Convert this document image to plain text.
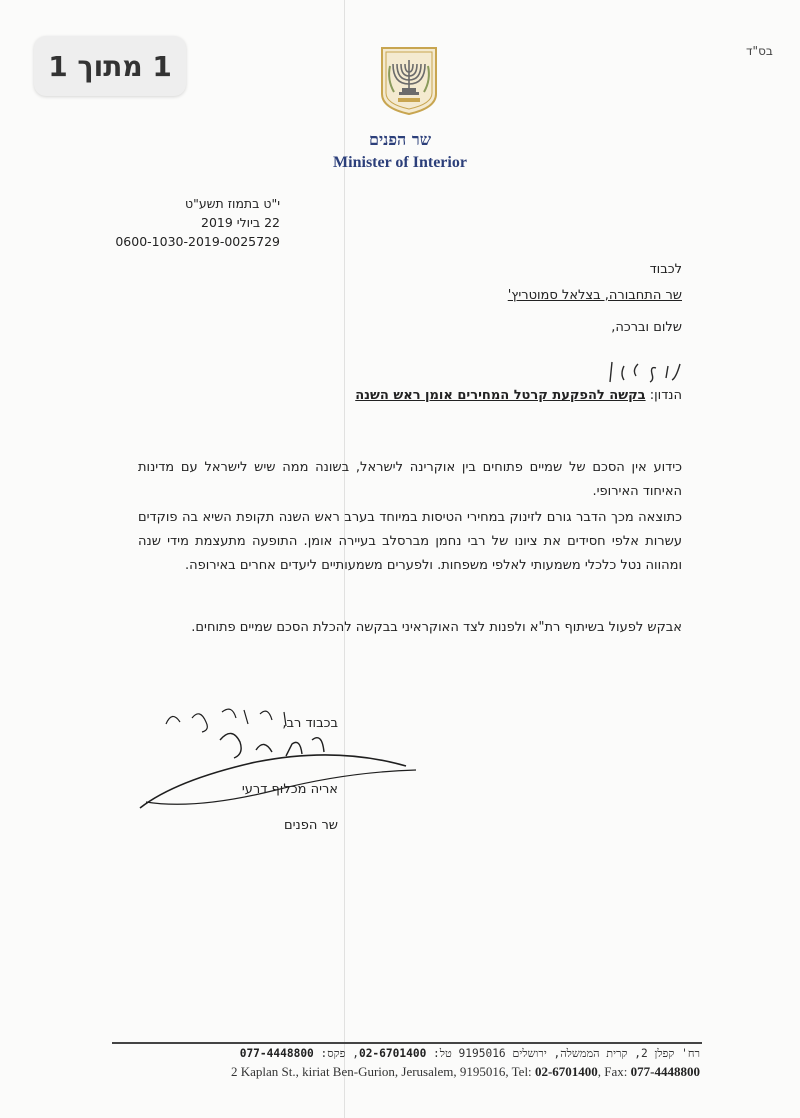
1 מתוך 1	בס"ד
שר הפנים
Minister of Interior
י"ט בתמוז תשע"ט
22 ביולי 2019
0600-1030-2019-0025729
לכבוד
שר התחבורה, בצלאל סמוטריץ'
שלום וברכה,
הנדון: בקשה להפקעת קרטל המחירים אומן ראש השנה

כידוע אין הסכם של שמיים פתוחים בין אוקרינה לישראל, בשונה ממה שיש לישראל עם מדינות האיחוד האירופי.

כתוצאה מכך הדבר גורם לזינוק במחירי הטיסות במיוחד בערב ראש השנה תקופת השיא בה פוקדים עשרות אלפי חסידים את ציונו של רבי נחמן מברסלב בעיירה אומן. התופעה מתעצמת מידי שנה ומהווה נטל כלכלי משמעותי לאלפי משפחות. ולפערים משמעותיים ליעדים אחרים באירופה.

אבקש לפעול בשיתוף רת"א ולפנות לצד האוקראיני בבקשה להכלת הסכם שמיים פתוחים.

בכבוד רב,
אריה מכלוף דרעי
שר הפנים
רח' קפלן 2, קרית הממשלה, ירושלים 9195016 טל: 02-6701400, פקס: 077-4448800
2 Kaplan St., kiriat Ben-Gurion, Jerusalem, 9195016, Tel: 02-6701400, Fax: 077-4448800
